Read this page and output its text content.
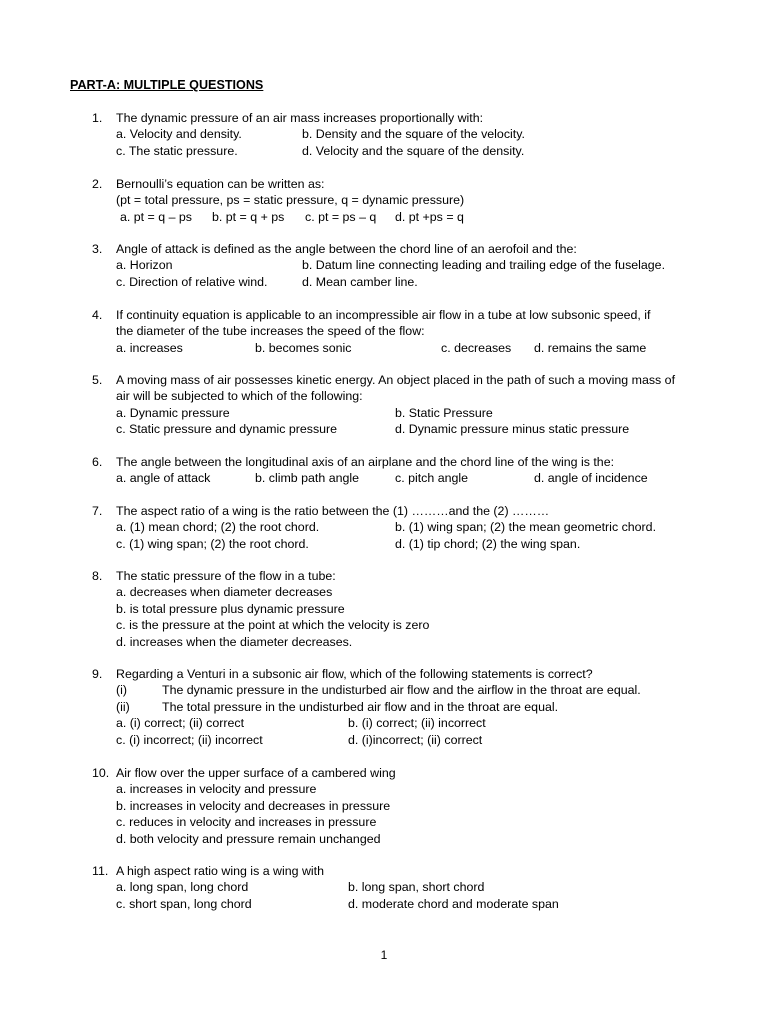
PART-A: MULTIPLE QUESTIONS
1. The dynamic pressure of an air mass increases proportionally with:
a. Velocity and density.	b. Density and the square of the velocity.
c. The static pressure.	d. Velocity and the square of the density.
2. Bernoulli’s equation can be written as:
(pt = total pressure, ps = static pressure, q = dynamic pressure)
a. pt = q – ps b. pt = q + ps c. pt = ps – q d. pt +ps = q
3. Angle of attack is defined as the angle between the chord line of an aerofoil and the:
a. Horizon	b. Datum line connecting leading and trailing edge of the fuselage.
c. Direction of relative wind.	d. Mean camber line.
4. If continuity equation is applicable to an incompressible air flow in a tube at low subsonic speed, if
the diameter of the tube increases the speed of the flow:
a. increases	b. becomes sonic	c. decreases d. remains the same
5. A moving mass of air possesses kinetic energy. An object placed in the path of such a moving mass of
air will be subjected to which of the following:
a. Dynamic pressure	b. Static Pressure
c. Static pressure and dynamic pressure	d. Dynamic pressure minus static pressure
6. The angle between the longitudinal axis of an airplane and the chord line of the wing is the:
a. angle of attack	b. climb path angle	c. pitch angle	d. angle of incidence
7. The aspect ratio of a wing is the ratio between the (1) ………and the (2) ………
a. (1) mean chord; (2) the root chord.	b. (1) wing span; (2) the mean geometric chord.
c. (1) wing span; (2) the root chord.	d. (1) tip chord; (2) the wing span.
8. The static pressure of the flow in a tube:
a. decreases when diameter decreases
b. is total pressure plus dynamic pressure
c. is the pressure at the point at which the velocity is zero
d. increases when the diameter decreases.
9. Regarding a Venturi in a subsonic air flow, which of the following statements is correct?
(i)	The dynamic pressure in the undisturbed air flow and the airflow in the throat are equal.
(ii)	The total pressure in the undisturbed air flow and in the throat are equal.
a. (i) correct; (ii) correct	b. (i) correct; (ii) incorrect
c. (i) incorrect; (ii) incorrect	d. (i)incorrect; (ii) correct
10. Air flow over the upper surface of a cambered wing
a. increases in velocity and pressure
b. increases in velocity and decreases in pressure
c. reduces in velocity and increases in pressure
d. both velocity and pressure remain unchanged
11. A high aspect ratio wing is a wing with
a. long span, long chord	b. long span, short chord
c. short span, long chord	d. moderate chord and moderate span
1
